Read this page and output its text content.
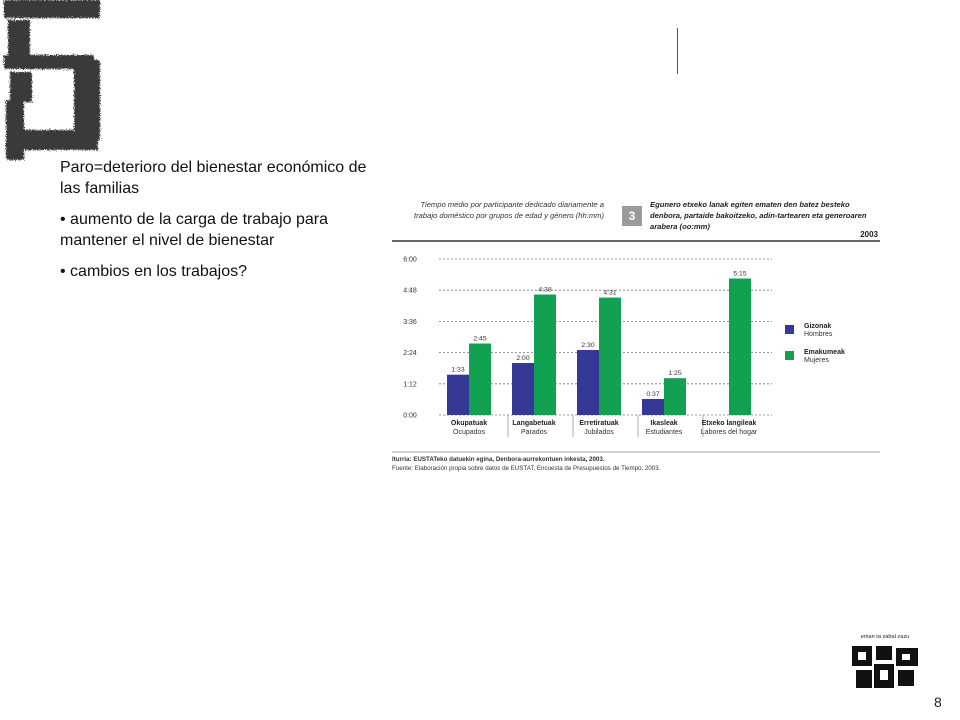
Paro=deterioro del bienestar económico de las familias

• aumento de la carga de trabajo para mantener el nivel de bienestar

• cambios en los trabajos?

Tiempo medio por participante dedicado diariamente a trabajo doméstico por grupos de edad y género (hh:mm)	3
Egunero etxeko lanak egiten ematen den batez besteko denbora, partaide bakoitzeko, adin-tartearen eta generoaren arabera (oo:mm)
2003
0:00
1:12
2:24
3:36
4:48
6:00
Okupatuak
Ocupados
Langabetuak
Parados
Erretiratuak
Jubilados
Ikasleak
Estudiantes
Etxeko langileak
Labores del hogar
1:33
2:00
2:30
0:37
2:45
4:38	4:31
1:25
5:15
Gizonak
Hombres
Emakumeak
Mujeres
Iturria: EUSTATeko datuekin egina, Denbora-aurrekontuen inkesta, 2003.
Fuente: Elaboración propia sobre datos de EUSTAT, Encuesta de Presupuestos de Tiempo, 2003.
eman ta zabal zazu
8
